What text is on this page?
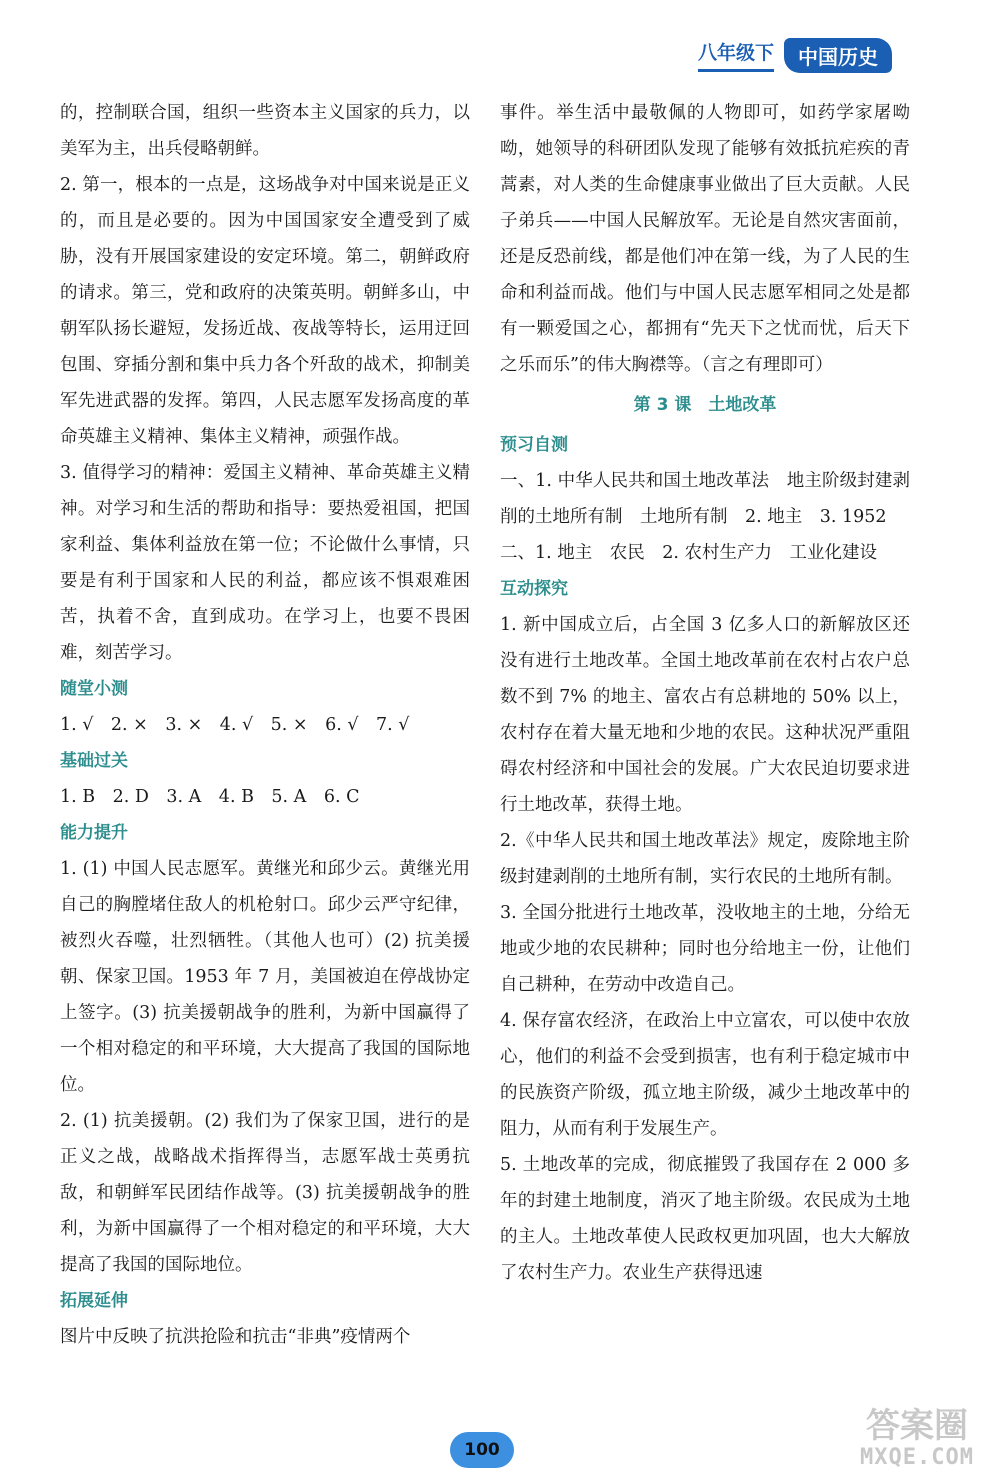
八年级下	中国历史

的，控制联合国，组织一些资本主义国家的兵力，以美军为主，出兵侵略朝鲜。

2. 第一，根本的一点是，这场战争对中国来说是正义的，而且是必要的。因为中国国家安全遭受到了威胁，没有开展国家建设的安定环境。第二，朝鲜政府的请求。第三，党和政府的决策英明。朝鲜多山，中朝军队扬长避短，发扬近战、夜战等特长，运用迂回包围、穿插分割和集中兵力各个歼敌的战术，抑制美军先进武器的发挥。第四，人民志愿军发扬高度的革命英雄主义精神、集体主义精神，顽强作战。

3. 值得学习的精神：爱国主义精神、革命英雄主义精神。对学习和生活的帮助和指导：要热爱祖国，把国家利益、集体利益放在第一位；不论做什么事情，只要是有利于国家和人民的利益，都应该不惧艰难困苦，执着不舍，直到成功。在学习上，也要不畏困难，刻苦学习。

随堂小测

1. √　2. ×　3. ×　4. √　5. ×　6. √　7. √

基础过关

1. B　2. D　3. A　4. B　5. A　6. C

能力提升

1. (1) 中国人民志愿军。黄继光和邱少云。黄继光用自己的胸膛堵住敌人的机枪射口。邱少云严守纪律，被烈火吞噬，壮烈牺牲。（其他人也可）(2) 抗美援朝、保家卫国。1953 年 7 月，美国被迫在停战协定上签字。(3) 抗美援朝战争的胜利，为新中国赢得了一个相对稳定的和平环境，大大提高了我国的国际地位。

2. (1) 抗美援朝。(2) 我们为了保家卫国，进行的是正义之战，战略战术指挥得当，志愿军战士英勇抗敌，和朝鲜军民团结作战等。(3) 抗美援朝战争的胜利，为新中国赢得了一个相对稳定的和平环境，大大提高了我国的国际地位。

拓展延伸

图片中反映了抗洪抢险和抗击“非典”疫情两个

事件。举生活中最敬佩的人物即可，如药学家屠呦呦，她领导的科研团队发现了能够有效抵抗疟疾的青蒿素，对人类的生命健康事业做出了巨大贡献。人民子弟兵——中国人民解放军。无论是自然灾害面前，还是反恐前线，都是他们冲在第一线，为了人民的生命和利益而战。他们与中国人民志愿军相同之处是都有一颗爱国之心，都拥有“先天下之忧而忧，后天下之乐而乐”的伟大胸襟等。（言之有理即可）

第 3 课　土地改革

预习自测

一、1. 中华人民共和国土地改革法　地主阶级封建剥削的土地所有制　土地所有制　2. 地主　3. 1952

二、1. 地主　农民　2. 农村生产力　工业化建设

互动探究

1. 新中国成立后，占全国 3 亿多人口的新解放区还没有进行土地改革。全国土地改革前在农村占农户总数不到 7% 的地主、富农占有总耕地的 50% 以上，农村存在着大量无地和少地的农民。这种状况严重阻碍农村经济和中国社会的发展。广大农民迫切要求进行土地改革，获得土地。

2.《中华人民共和国土地改革法》规定，废除地主阶级封建剥削的土地所有制，实行农民的土地所有制。

3. 全国分批进行土地改革，没收地主的土地，分给无地或少地的农民耕种；同时也分给地主一份，让他们自己耕种，在劳动中改造自己。

4. 保存富农经济，在政治上中立富农，可以使中农放心，他们的利益不会受到损害，也有利于稳定城市中的民族资产阶级，孤立地主阶级，减少土地改革中的阻力，从而有利于发展生产。

5. 土地改革的完成，彻底摧毁了我国存在 2 000 多年的封建土地制度，消灭了地主阶级。农民成为土地的主人。土地改革使人民政权更加巩固，也大大解放了农村生产力。农业生产获得迅速

100
答案圈
MXQE.COM
